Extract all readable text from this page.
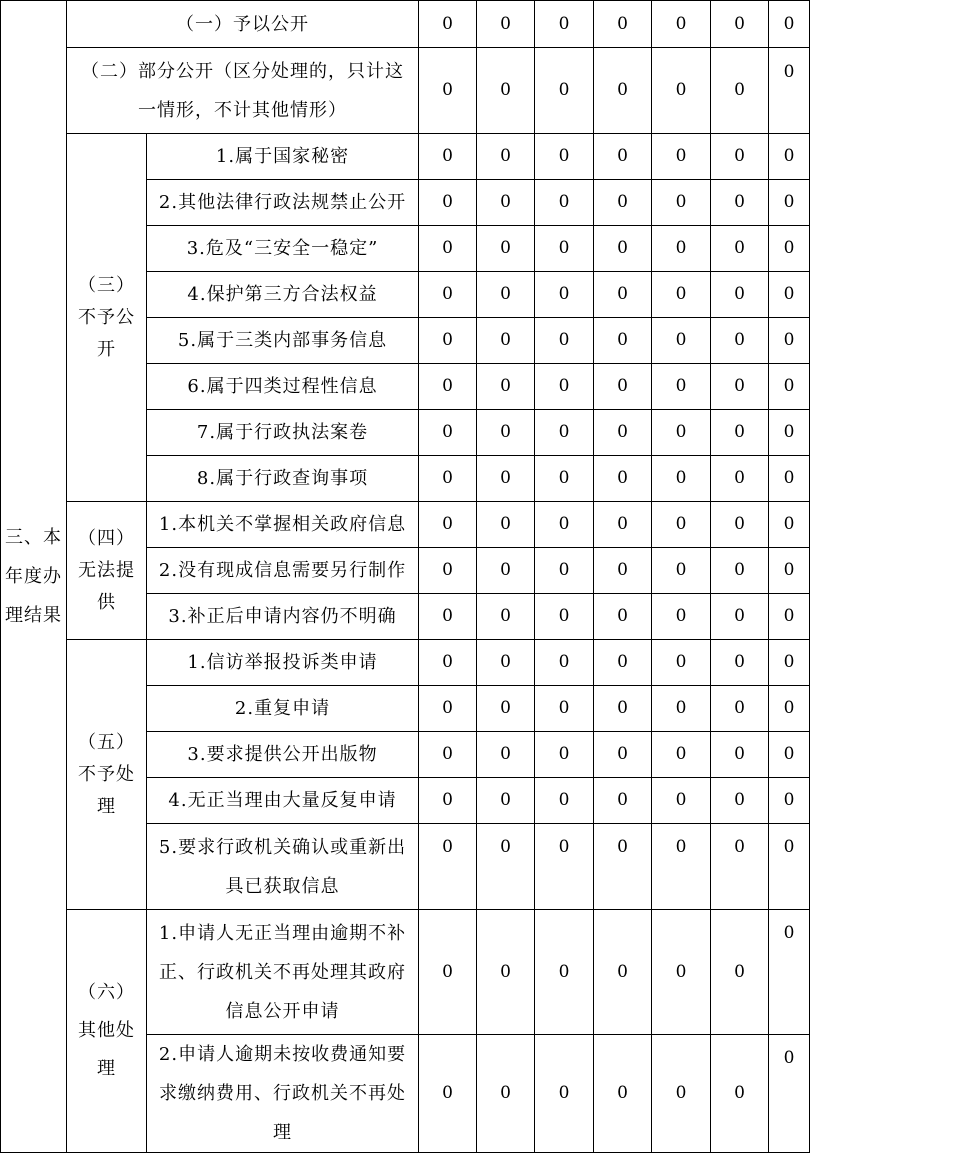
三、本年度办理结果	（一）予以公开		0	0	0	0	0	0	0
	（二）部分公开（区分处理的，只计这一情形，不计其他情形）		0	0	0	0	0	0	0
	（三）不予公开	1.属于国家秘密	0	0	0	0	0	0	0
		2.其他法律行政法规禁止公开	0	0	0	0	0	0	0
		3.危及“三安全一稳定”	0	0	0	0	0	0	0
		4.保护第三方合法权益	0	0	0	0	0	0	0
		5.属于三类内部事务信息	0	0	0	0	0	0	0
		6.属于四类过程性信息	0	0	0	0	0	0	0
		7.属于行政执法案卷	0	0	0	0	0	0	0
		8.属于行政查询事项	0	0	0	0	0	0	0
	（四）无法提供	1.本机关不掌握相关政府信息	0	0	0	0	0	0	0
		2.没有现成信息需要另行制作	0	0	0	0	0	0	0
		3.补正后申请内容仍不明确	0	0	0	0	0	0	0
	（五）不予处理	1.信访举报投诉类申请	0	0	0	0	0	0	0
		2.重复申请	0	0	0	0	0	0	0
		3.要求提供公开出版物	0	0	0	0	0	0	0
		4.无正当理由大量反复申请	0	0	0	0	0	0	0
		5.要求行政机关确认或重新出具已获取信息	0	0	0	0	0	0	0
	（六）其他处理	1.申请人无正当理由逾期不补正、行政机关不再处理其政府信息公开申请	0	0	0	0	0	0	0
		2.申请人逾期未按收费通知要求缴纳费用、行政机关不再处理	0	0	0	0	0	0	0
